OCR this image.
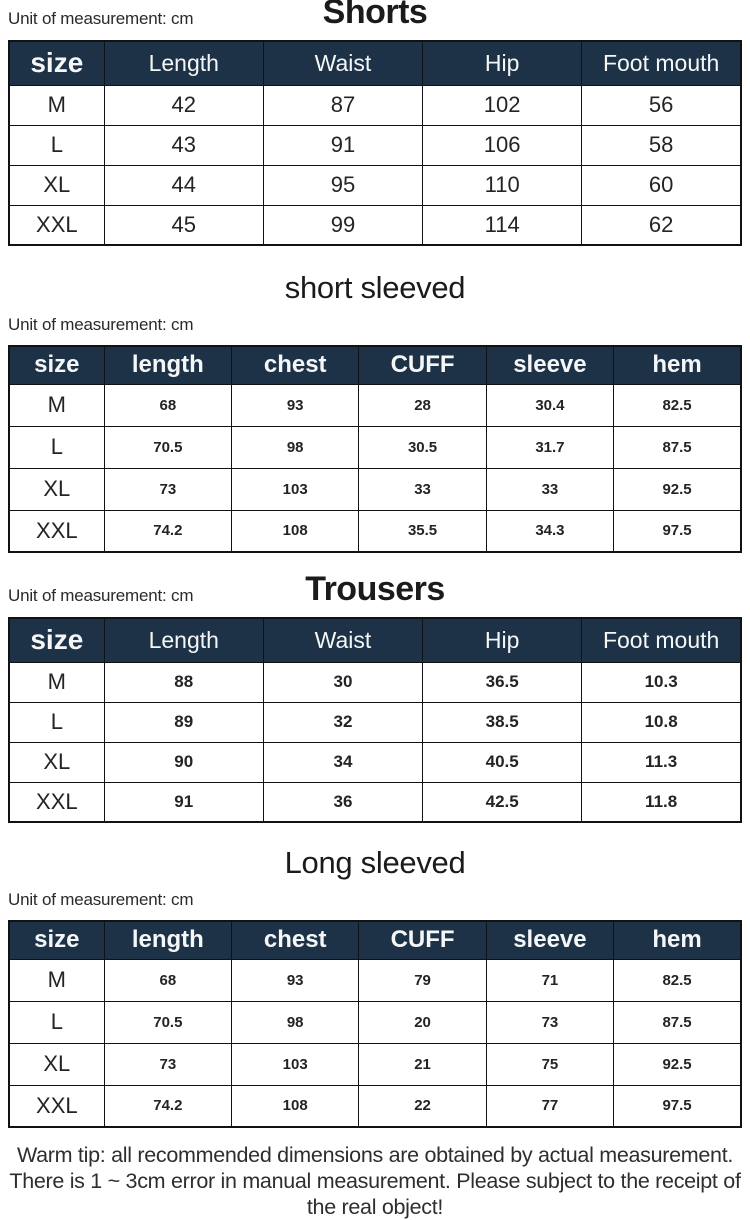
Shorts
Unit of measurement: cm
size	Length	Waist	Hip	Foot mouth
M	42	87	102	56
L	43	91	106	58
XL	44	95	110	60
XXL	45	99	114	62
short sleeved
Unit of measurement: cm
size	length	chest	CUFF	sleeve	hem
M	68	93	28	30.4	82.5
L	70.5	98	30.5	31.7	87.5
XL	73	103	33	33	92.5
XXL	74.2	108	35.5	34.3	97.5
Trousers
Unit of measurement: cm
size	Length	Waist	Hip	Foot mouth
M	88	30	36.5	10.3
L	89	32	38.5	10.8
XL	90	34	40.5	11.3
XXL	91	36	42.5	11.8
Long sleeved
Unit of measurement: cm
size	length	chest	CUFF	sleeve	hem
M	68	93	79	71	82.5
L	70.5	98	20	73	87.5
XL	73	103	21	75	92.5
XXL	74.2	108	22	77	97.5

Warm tip: all recommended dimensions are obtained by actual measurement. There is 1 ~ 3cm error in manual measurement. Please subject to the receipt of the real object!
